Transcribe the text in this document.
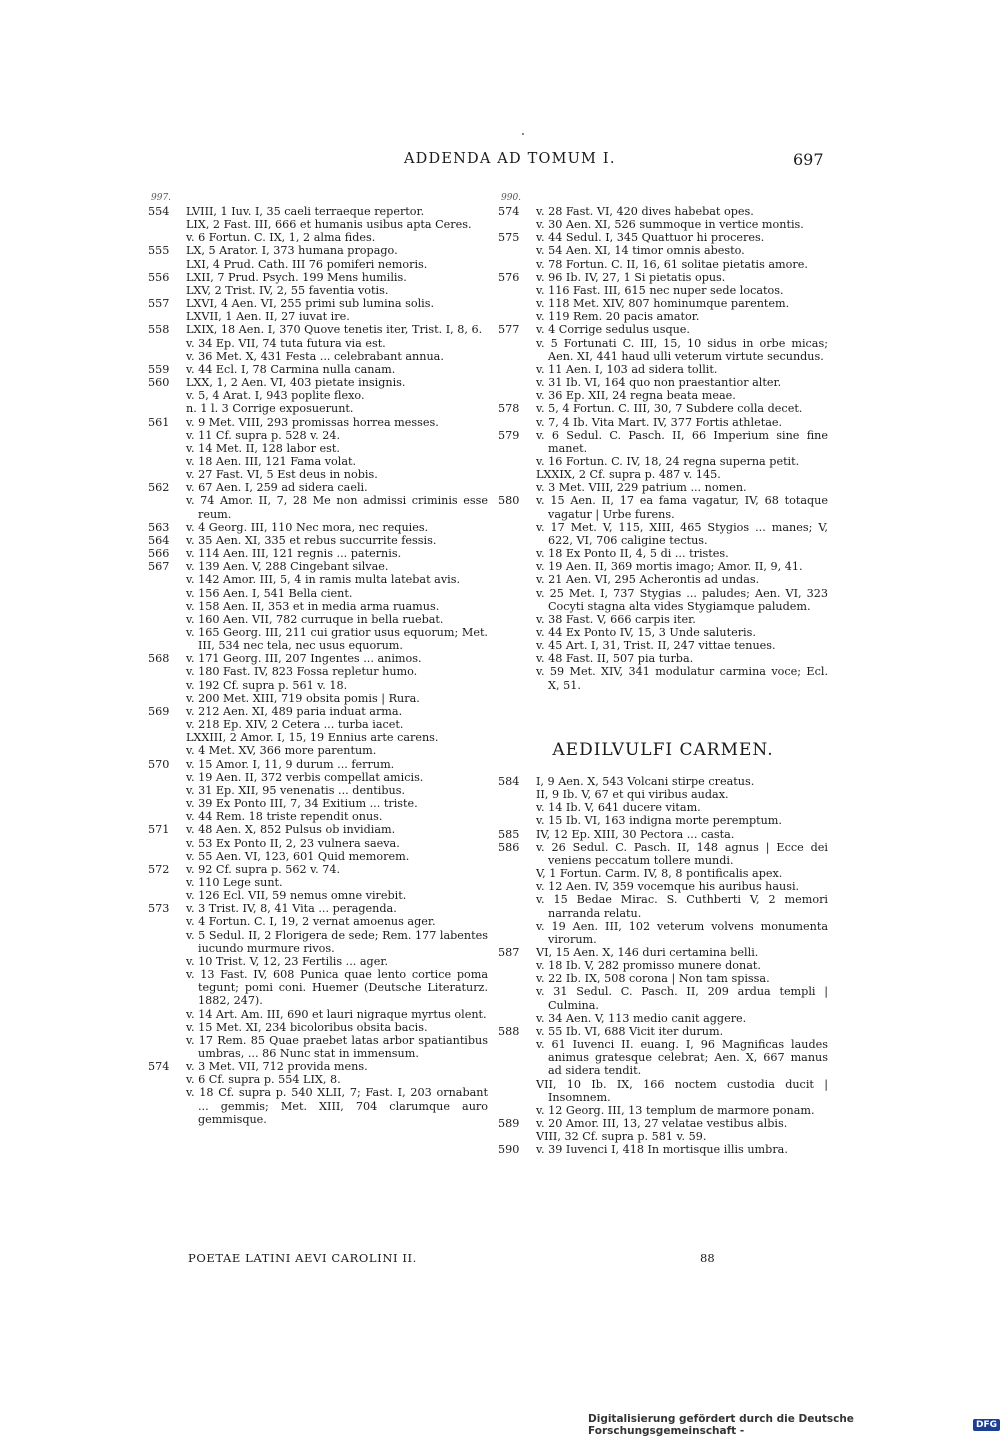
ADDENDA AD TOMUM I.	697
997.
554	LVIII, 1 Iuv. I, 35 caeli terraeque repertor.
LIX, 2 Fast. III, 666 et humanis usibus apta Ceres.
v. 6 Fortun. C. IX, 1, 2 alma fides.
555	LX, 5 Arator. I, 373 humana propago.
LXI, 4 Prud. Cath. III 76 pomiferi nemoris.
556	LXII, 7 Prud. Psych. 199 Mens humilis.
LXV, 2 Trist. IV, 2, 55 faventia votis.
557	LXVI, 4 Aen. VI, 255 primi sub lumina solis.
LXVII, 1 Aen. II, 27 iuvat ire.
558	LXIX, 18 Aen. I, 370 Quove tenetis iter, Trist. I, 8, 6.
v. 34 Ep. VII, 74 tuta futura via est.
v. 36 Met. X, 431 Festa ... celebrabant annua.
559	v. 44 Ecl. I, 78 Carmina nulla canam.
560	LXX, 1, 2 Aen. VI, 403 pietate insignis.
v. 5, 4 Arat. I, 943 poplite flexo.
n. 1 l. 3 Corrige exposuerunt.
561	v. 9 Met. VIII, 293 promissas horrea messes.
v. 11 Cf. supra p. 528 v. 24.
v. 14 Met. II, 128 labor est.
v. 18 Aen. III, 121 Fama volat.
v. 27 Fast. VI, 5 Est deus in nobis.
562	v. 67 Aen. I, 259 ad sidera caeli.
v. 74 Amor. II, 7, 28 Me non admissi criminis esse reum.
563	v. 4 Georg. III, 110 Nec mora, nec requies.
564	v. 35 Aen. XI, 335 et rebus succurrite fessis.
566	v. 114 Aen. III, 121 regnis ... paternis.
567	v. 139 Aen. V, 288 Cingebant silvae.
v. 142 Amor. III, 5, 4 in ramis multa latebat avis.
v. 156 Aen. I, 541 Bella cient.
v. 158 Aen. II, 353 et in media arma ruamus.
v. 160 Aen. VII, 782 curruque in bella ruebat.
v. 165 Georg. III, 211 cui gratior usus equorum; Met. III, 534 nec tela, nec usus equorum.
568	v. 171 Georg. III, 207 Ingentes ... animos.
v. 180 Fast. IV, 823 Fossa repletur humo.
v. 192 Cf. supra p. 561 v. 18.
v. 200 Met. XIII, 719 obsita pomis | Rura.
569	v. 212 Aen. XI, 489 paria induat arma.
v. 218 Ep. XIV, 2 Cetera ... turba iacet.
LXXIII, 2 Amor. I, 15, 19 Ennius arte carens.
v. 4 Met. XV, 366 more parentum.
570	v. 15 Amor. I, 11, 9 durum ... ferrum.
v. 19 Aen. II, 372 verbis compellat amicis.
v. 31 Ep. XII, 95 venenatis ... dentibus.
v. 39 Ex Ponto III, 7, 34 Exitium ... triste.
v. 44 Rem. 18 triste rependit onus.
571	v. 48 Aen. X, 852 Pulsus ob invidiam.
v. 53 Ex Ponto II, 2, 23 vulnera saeva.
v. 55 Aen. VI, 123, 601 Quid memorem.
572	v. 92 Cf. supra p. 562 v. 74.
v. 110 Lege sunt.
v. 126 Ecl. VII, 59 nemus omne virebit.
573	v. 3 Trist. IV, 8, 41 Vita ... peragenda.
v. 4 Fortun. C. I, 19, 2 vernat amoenus ager.
v. 5 Sedul. II, 2 Florigera de sede; Rem. 177 labentes iucundo murmure rivos.
v. 10 Trist. V, 12, 23 Fertilis ... ager.
v. 13 Fast. IV, 608 Punica quae lento cortice poma tegunt; pomi coni. Huemer (Deutsche Literaturz. 1882, 247).
v. 14 Art. Am. III, 690 et lauri nigraque myrtus olent.
v. 15 Met. XI, 234 bicoloribus obsita bacis.
v. 17 Rem. 85 Quae praebet latas arbor spatiantibus umbras, ... 86 Nunc stat in immensum.
574	v. 3 Met. VII, 712 provida mens.
v. 6 Cf. supra p. 554 LIX, 8.
v. 18 Cf. supra p. 540 XLII, 7; Fast. I, 203 ornabant ... gemmis; Met. XIII, 704 clarumque auro gemmisque.
990.
574	v. 28 Fast. VI, 420 dives habebat opes.
v. 30 Aen. XI, 526 summoque in vertice montis.
575	v. 44 Sedul. I, 345 Quattuor hi proceres.
v. 54 Aen. XI, 14 timor omnis abesto.
v. 78 Fortun. C. II, 16, 61 solitae pietatis amore.
576	v. 96 Ib. IV, 27, 1 Si pietatis opus.
v. 116 Fast. III, 615 nec nuper sede locatos.
v. 118 Met. XIV, 807 hominumque parentem.
v. 119 Rem. 20 pacis amator.
577	v. 4 Corrige sedulus usque.
v. 5 Fortunati C. III, 15, 10 sidus in orbe micas; Aen. XI, 441 haud ulli veterum virtute secundus.
v. 11 Aen. I, 103 ad sidera tollit.
v. 31 Ib. VI, 164 quo non praestantior alter.
v. 36 Ep. XII, 24 regna beata meae.
578	v. 5, 4 Fortun. C. III, 30, 7 Subdere colla decet.
v. 7, 4 Ib. Vita Mart. IV, 377 Fortis athletae.
579	v. 6 Sedul. C. Pasch. II, 66 Imperium sine fine manet.
v. 16 Fortun. C. IV, 18, 24 regna superna petit.
LXXIX, 2 Cf. supra p. 487 v. 145.
v. 3 Met. VIII, 229 patrium ... nomen.
580	v. 15 Aen. II, 17 ea fama vagatur, IV, 68 totaque vagatur | Urbe furens.
v. 17 Met. V, 115, XIII, 465 Stygios ... manes; V, 622, VI, 706 caligine tectus.
v. 18 Ex Ponto II, 4, 5 di ... tristes.
v. 19 Aen. II, 369 mortis imago; Amor. II, 9, 41.
v. 21 Aen. VI, 295 Acherontis ad undas.
v. 25 Met. I, 737 Stygias ... paludes; Aen. VI, 323 Cocyti stagna alta vides Stygiamque paludem.
v. 38 Fast. V, 666 carpis iter.
v. 44 Ex Ponto IV, 15, 3 Unde saluteris.
v. 45 Art. I, 31, Trist. II, 247 vittae tenues.
v. 48 Fast. II, 507 pia turba.
v. 59 Met. XIV, 341 modulatur carmina voce; Ecl. X, 51.
AEDILVULFI CARMEN.
584	I, 9 Aen. X, 543 Volcani stirpe creatus.
II, 9 Ib. V, 67 et qui viribus audax.
v. 14 Ib. V, 641 ducere vitam.
v. 15 Ib. VI, 163 indigna morte peremptum.
585	IV, 12 Ep. XIII, 30 Pectora ... casta.
586	v. 26 Sedul. C. Pasch. II, 148 agnus | Ecce dei veniens peccatum tollere mundi.
V, 1 Fortun. Carm. IV, 8, 8 pontificalis apex.
v. 12 Aen. IV, 359 vocemque his auribus hausi.
v. 15 Bedae Mirac. S. Cuthberti V, 2 memori narranda relatu.
v. 19 Aen. III, 102 veterum volvens monumenta virorum.
587	VI, 15 Aen. X, 146 duri certamina belli.
v. 18 Ib. V, 282 promisso munere donat.
v. 22 Ib. IX, 508 corona | Non tam spissa.
v. 31 Sedul. C. Pasch. II, 209 ardua templi | Culmina.
v. 34 Aen. V, 113 medio canit aggere.
588	v. 55 Ib. VI, 688 Vicit iter durum.
v. 61 Iuvenci II. euang. I, 96 Magnificas laudes animus gratesque celebrat; Aen. X, 667 manus ad sidera tendit.
VII, 10 Ib. IX, 166 noctem custodia ducit | Insomnem.
v. 12 Georg. III, 13 templum de marmore ponam.
589	v. 20 Amor. III, 13, 27 velatae vestibus albis.
VIII, 32 Cf. supra p. 581 v. 59.
590	v. 39 Iuvenci I, 418 In mortisque illis umbra.
POETAE LATINI AEVI CAROLINI II.	88
Digitalisierung gefördert durch die Deutsche Forschungsgemeinschaft -	DFG
